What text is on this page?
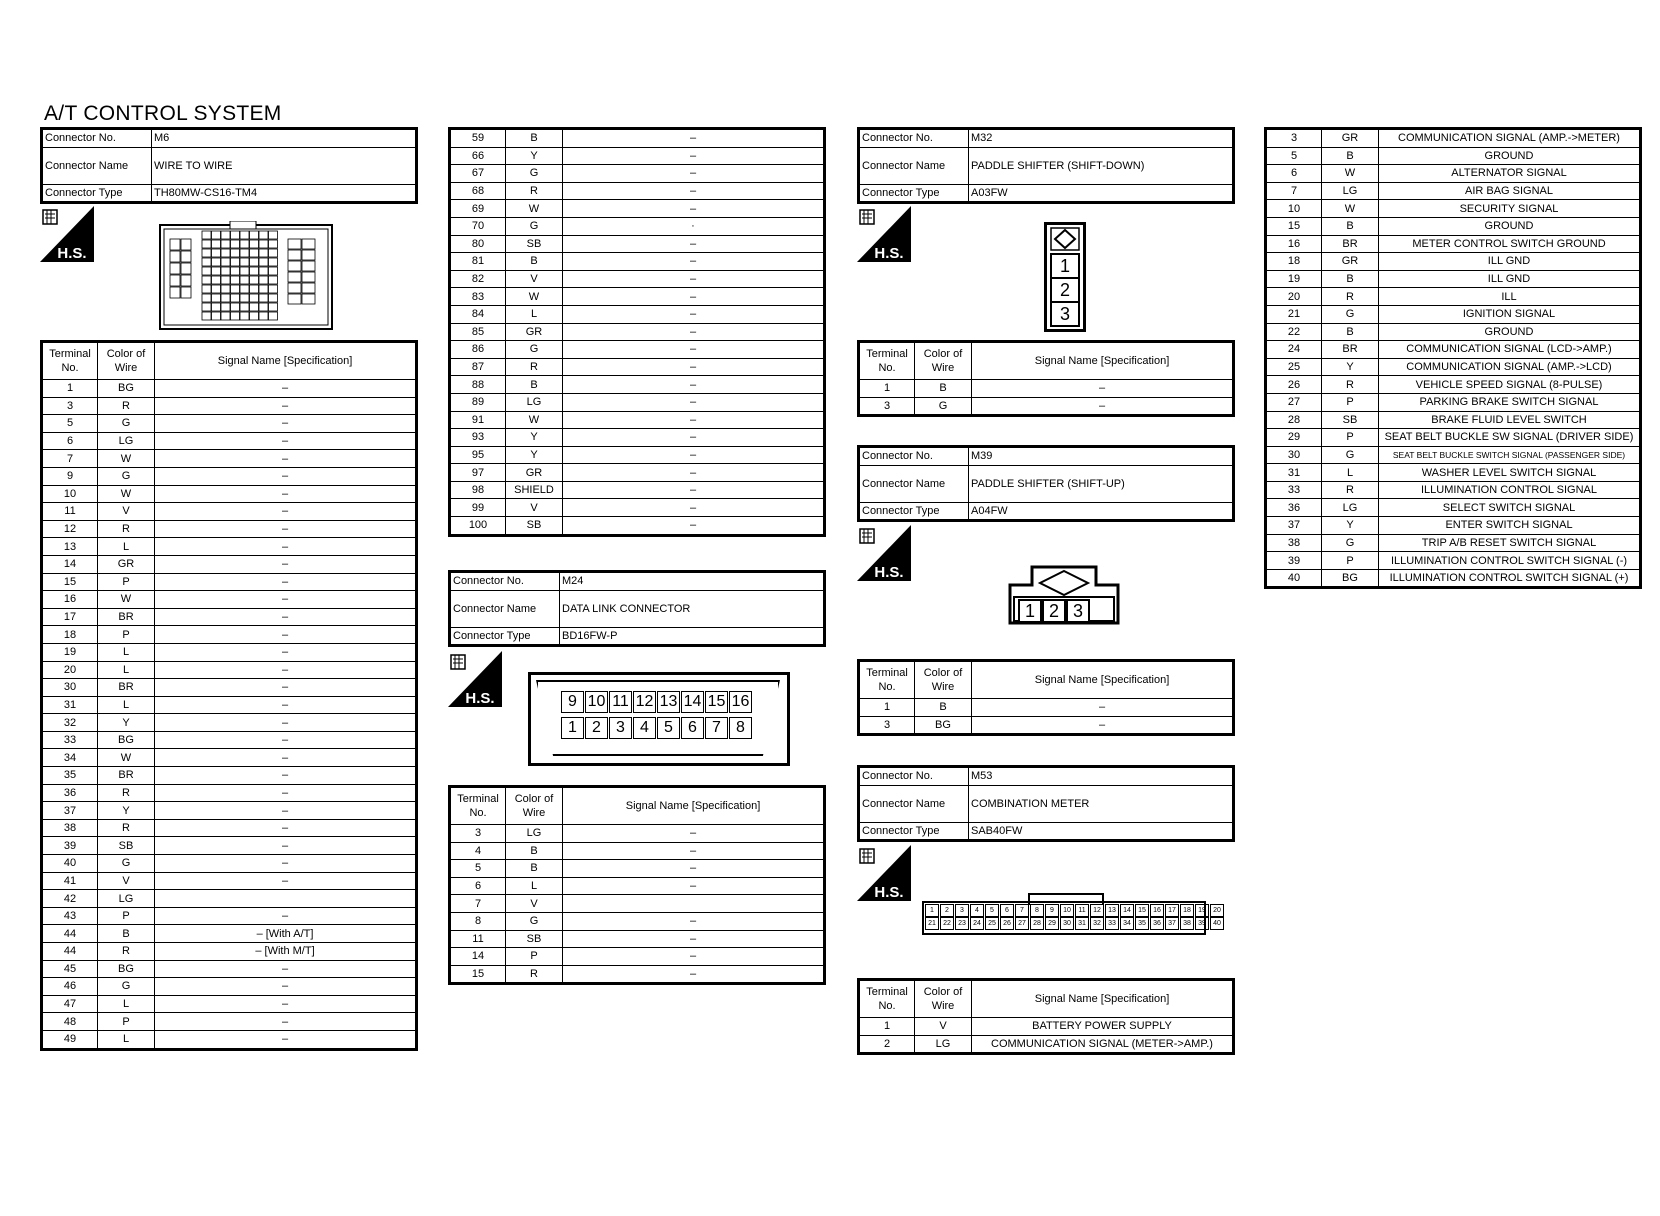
A/T CONTROL SYSTEM
Connector No.	M6
Connector Name	WIRE TO WIRE
Connector Type	TH80MW-CS16-TM4
H.S.
Terminal No.	Color of Wire	Signal Name [Specification]
1	BG	–
3	R	–
5	G	–
6	LG	–
7	W	–
9	G	–
10	W	–
11	V	–
12	R	–
13	L	–
14	GR	–
15	P	–
16	W	–
17	BR	–
18	P	–
19	L	–
20	L	–
30	BR	–
31	L	–
32	Y	–
33	BG	–
34	W	–
35	BR	–
36	R	–
37	Y	–
38	R	–
39	SB	–
40	G	–
41	V	–
42	LG	
43	P	–
44	B	– [With A/T]
44	R	– [With M/T]
45	BG	–
46	G	–
47	L	–
48	P	–
49	L	–
59	B	–
66	Y	–
67	G	–
68	R	–
69	W	–
70	G	·
80	SB	–
81	B	–
82	V	–
83	W	–
84	L	–
85	GR	–
86	G	–
87	R	–
88	B	–
89	LG	–
91	W	–
93	Y	–
95	Y	–
97	GR	–
98	SHIELD	–
99	V	–
100	SB	–
Connector No.	M24
Connector Name	DATA LINK CONNECTOR
Connector Type	BD16FW-P
H.S.	9 10 11 12 13 14 15 16
1 2 3 4 5 6 7 8
Terminal No.	Color of Wire	Signal Name [Specification]
3	LG	–
4	B	–
5	B	–
6	L	–
7	V	
8	G	–
11	SB	–
14	P	–
15	R	–
Connector No.	M32
Connector Name	PADDLE SHIFTER (SHIFT-DOWN)
Connector Type	A03FW
H.S.
1
2
3
Terminal No.	Color of Wire	Signal Name [Specification]
1	B	–
3	G	–
Connector No.	M39
Connector Name	PADDLE SHIFTER (SHIFT-UP)
Connector Type	A04FW
H.S.
1 2 3
Terminal No.	Color of Wire	Signal Name [Specification]
1	B	–
3	BG	–
Connector No.	M53
Connector Name	COMBINATION METER
Connector Type	SAB40FW
H.S.
1	2	3	4	5	6	7	8	9	10	11	12	13	14	15	16	17	18	19	20
21	22	23	24	25	26	27	28	29	30	31	32	33	34	35	36	37	38	39	40
Terminal No.	Color of Wire	Signal Name [Specification]
1	V	BATTERY POWER SUPPLY
2	LG	COMMUNICATION SIGNAL (METER->AMP.)
3	GR	COMMUNICATION SIGNAL (AMP.->METER)
5	B	GROUND
6	W	ALTERNATOR SIGNAL
7	LG	AIR BAG SIGNAL
10	W	SECURITY SIGNAL
15	B	GROUND
16	BR	METER CONTROL SWITCH GROUND
18	GR	ILL GND
19	B	ILL GND
20	R	ILL
21	G	IGNITION SIGNAL
22	B	GROUND
24	BR	COMMUNICATION SIGNAL (LCD->AMP.)
25	Y	COMMUNICATION SIGNAL (AMP.->LCD)
26	R	VEHICLE SPEED SIGNAL (8-PULSE)
27	P	PARKING BRAKE SWITCH SIGNAL
28	SB	BRAKE FLUID LEVEL SWITCH
29	P	SEAT BELT BUCKLE SW SIGNAL (DRIVER SIDE)
30	G	SEAT BELT BUCKLE SWITCH SIGNAL (PASSENGER SIDE)
31	L	WASHER LEVEL SWITCH SIGNAL
33	R	ILLUMINATION CONTROL SIGNAL
36	LG	SELECT SWITCH SIGNAL
37	Y	ENTER SWITCH SIGNAL
38	G	TRIP A/B RESET SWITCH SIGNAL
39	P	ILLUMINATION CONTROL SWITCH SIGNAL (-)
40	BG	ILLUMINATION CONTROL SWITCH SIGNAL (+)
